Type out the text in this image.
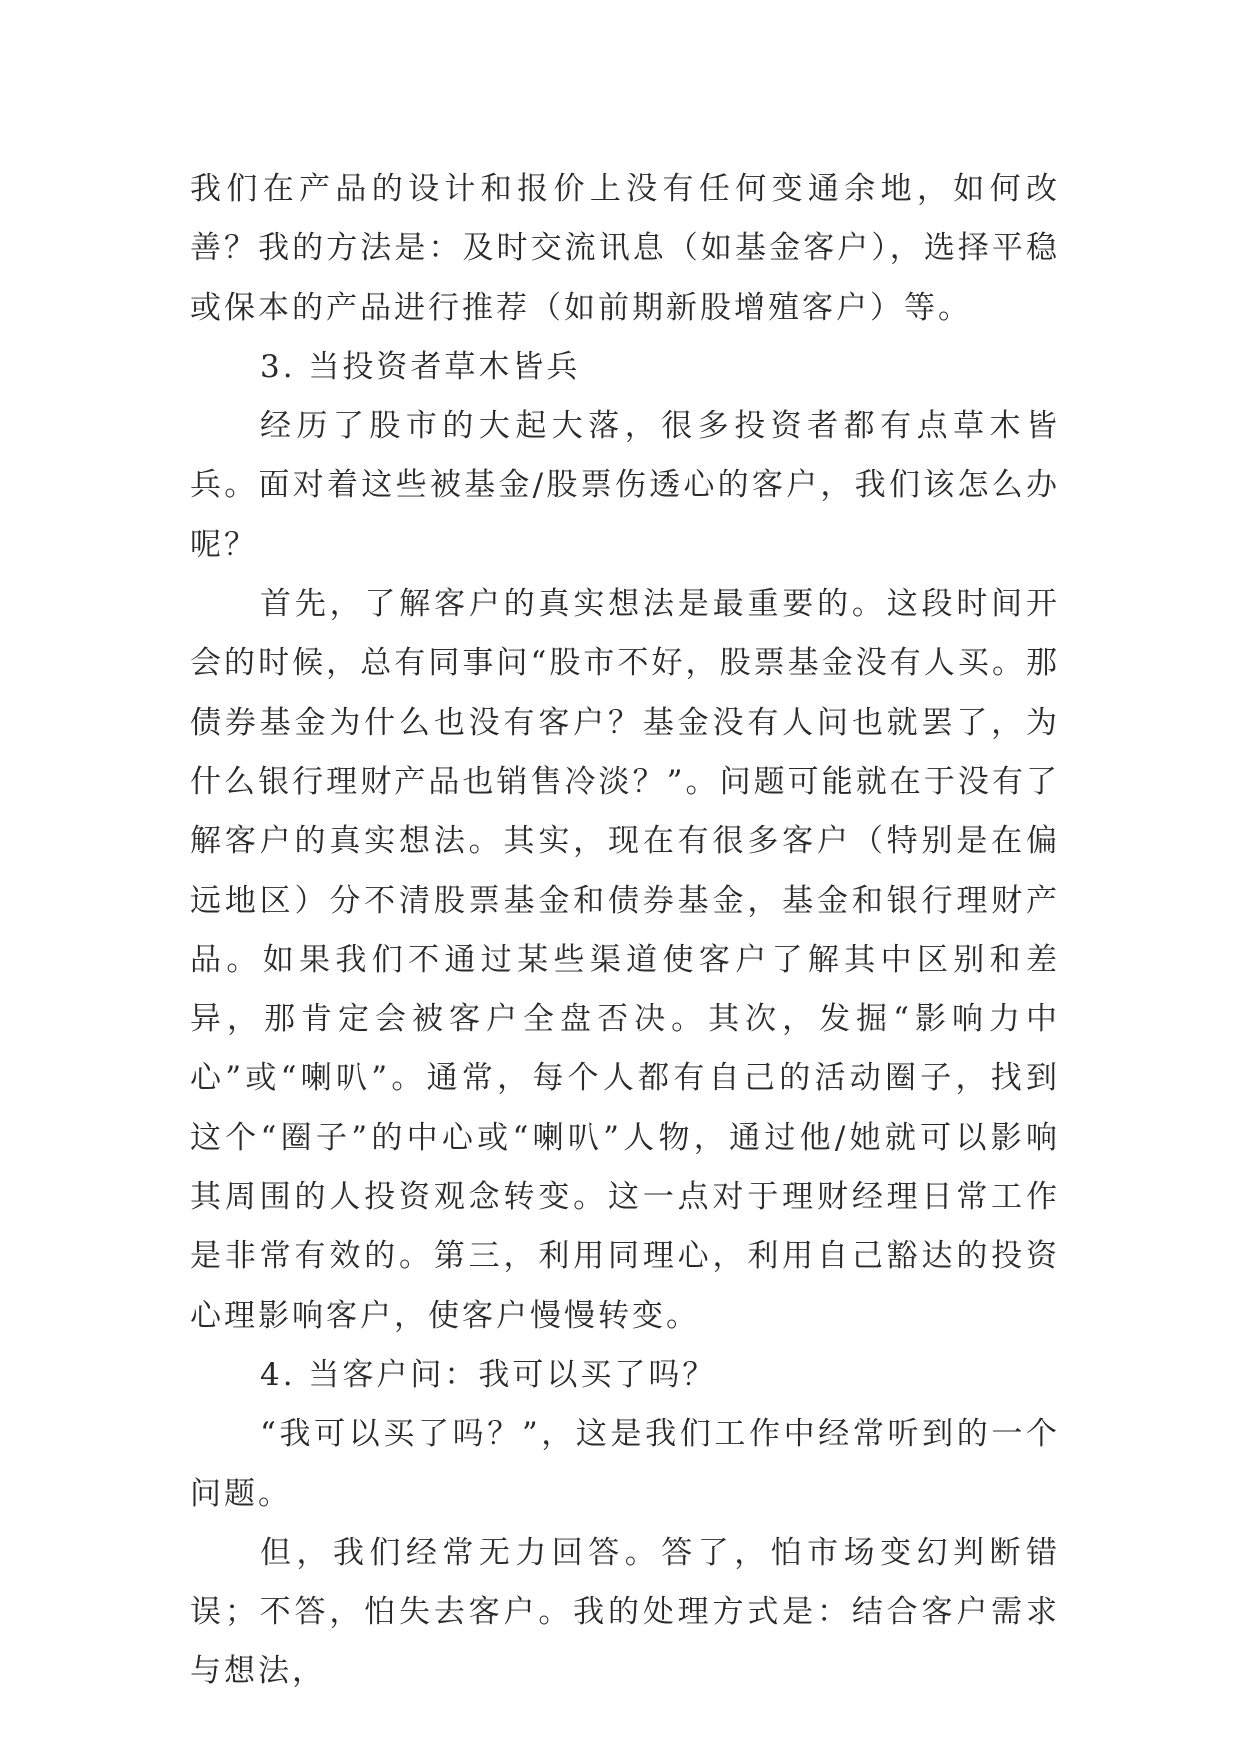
我们在产品的设计和报价上没有任何变通余地，如何改善？我的方法是：及时交流讯息（如基金客户），选择平稳或保本的产品进行推荐（如前期新股增殖客户）等。

3. 当投资者草木皆兵

经历了股市的大起大落，很多投资者都有点草木皆兵。面对着这些被基金/股票伤透心的客户，我们该怎么办呢？

首先，了解客户的真实想法是最重要的。这段时间开会的时候，总有同事问“股市不好，股票基金没有人买。那债券基金为什么也没有客户？基金没有人问也就罢了，为什么银行理财产品也销售冷淡？”。问题可能就在于没有了解客户的真实想法。其实，现在有很多客户（特别是在偏远地区）分不清股票基金和债券基金，基金和银行理财产品。如果我们不通过某些渠道使客户了解其中区别和差异，那肯定会被客户全盘否决。其次，发掘“影响力中心”或“喇叭”。通常，每个人都有自己的活动圈子，找到这个“圈子”的中心或“喇叭”人物，通过他/她就可以影响其周围的人投资观念转变。这一点对于理财经理日常工作是非常有效的。第三，利用同理心，利用自己豁达的投资心理影响客户，使客户慢慢转变。

4. 当客户问：我可以买了吗？

“我可以买了吗？”，这是我们工作中经常听到的一个问题。

但，我们经常无力回答。答了，怕市场变幻判断错误；不答，怕失去客户。我的处理方式是：结合客户需求与想法，
